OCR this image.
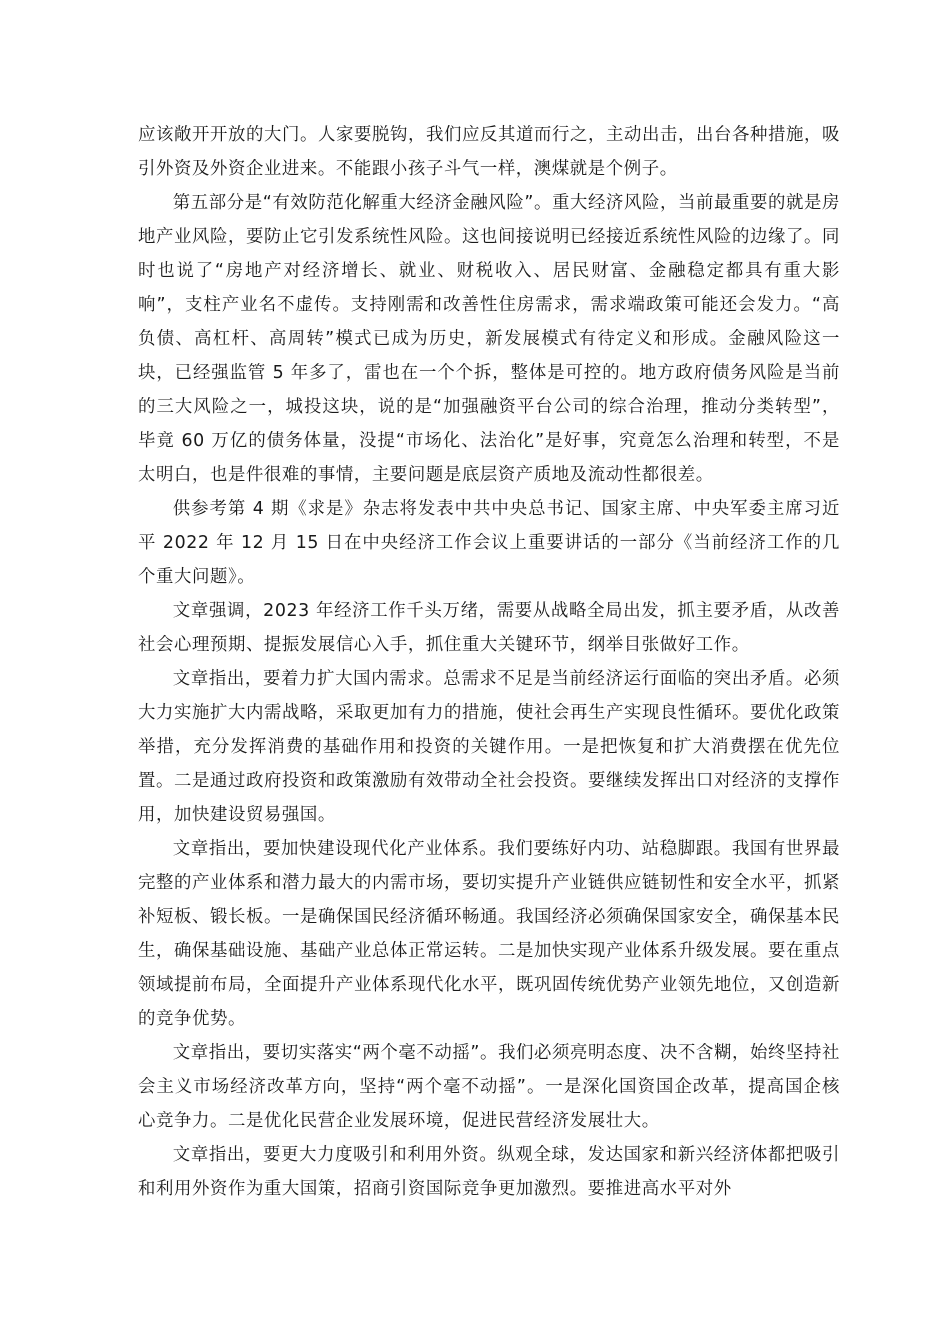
应该敞开开放的大门。人家要脱钩，我们应反其道而行之，主动出击，出台各种措施，吸引外资及外资企业进来。不能跟小孩子斗气一样，澳煤就是个例子。

第五部分是“有效防范化解重大经济金融风险”。重大经济风险，当前最重要的就是房地产业风险，要防止它引发系统性风险。这也间接说明已经接近系统性风险的边缘了。同时也说了“房地产对经济增长、就业、财税收入、居民财富、金融稳定都具有重大影响”，支柱产业名不虚传。支持刚需和改善性住房需求，需求端政策可能还会发力。“高负债、高杠杆、高周转”模式已成为历史，新发展模式有待定义和形成。金融风险这一块，已经强监管 5 年多了，雷也在一个个拆，整体是可控的。地方政府债务风险是当前的三大风险之一，城投这块，说的是“加强融资平台公司的综合治理，推动分类转型”，毕竟 60 万亿的债务体量，没提“市场化、法治化”是好事，究竟怎么治理和转型，不是太明白，也是件很难的事情，主要问题是底层资产质地及流动性都很差。

供参考第 4 期《求是》杂志将发表中共中央总书记、国家主席、中央军委主席习近平 2022 年 12 月 15 日在中央经济工作会议上重要讲话的一部分《当前经济工作的几个重大问题》。

文章强调，2023 年经济工作千头万绪，需要从战略全局出发，抓主要矛盾，从改善社会心理预期、提振发展信心入手，抓住重大关键环节，纲举目张做好工作。

文章指出，要着力扩大国内需求。总需求不足是当前经济运行面临的突出矛盾。必须大力实施扩大内需战略，采取更加有力的措施，使社会再生产实现良性循环。要优化政策举措，充分发挥消费的基础作用和投资的关键作用。一是把恢复和扩大消费摆在优先位置。二是通过政府投资和政策激励有效带动全社会投资。要继续发挥出口对经济的支撑作用，加快建设贸易强国。

文章指出，要加快建设现代化产业体系。我们要练好内功、站稳脚跟。我国有世界最完整的产业体系和潜力最大的内需市场，要切实提升产业链供应链韧性和安全水平，抓紧补短板、锻长板。一是确保国民经济循环畅通。我国经济必须确保国家安全，确保基本民生，确保基础设施、基础产业总体正常运转。二是加快实现产业体系升级发展。要在重点领域提前布局，全面提升产业体系现代化水平，既巩固传统优势产业领先地位，又创造新的竞争优势。

文章指出，要切实落实“两个毫不动摇”。我们必须亮明态度、决不含糊，始终坚持社会主义市场经济改革方向，坚持“两个毫不动摇”。一是深化国资国企改革，提高国企核心竞争力。二是优化民营企业发展环境，促进民营经济发展壮大。

文章指出，要更大力度吸引和利用外资。纵观全球，发达国家和新兴经济体都把吸引和利用外资作为重大国策，招商引资国际竞争更加激烈。要推进高水平对外
